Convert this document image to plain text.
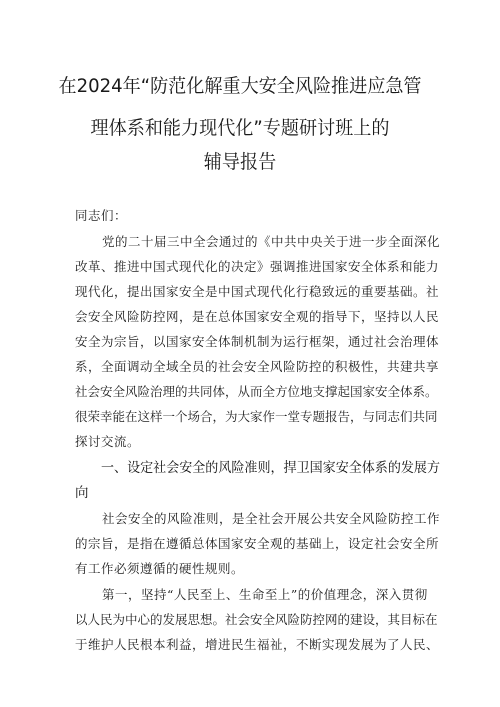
在2024年“防范化解重大安全风险推进应急管
理体系和能力现代化”专题研讨班上的
辅导报告
同志们：
党的二十届三中全会通过的《中共中央关于进一步全面深化
改革、推进中国式现代化的决定》强调推进国家安全体系和能力
现代化，提出国家安全是中国式现代化行稳致远的重要基础。社
会安全风险防控网，是在总体国家安全观的指导下，坚持以人民
安全为宗旨，以国家安全体制机制为运行框架，通过社会治理体
系，全面调动全域全员的社会安全风险防控的积极性，共建共享
社会安全风险治理的共同体，从而全方位地支撑起国家安全体系。
很荣幸能在这样一个场合，为大家作一堂专题报告，与同志们共同
探讨交流。
一、设定社会安全的风险准则，捍卫国家安全体系的发展方
向
社会安全的风险准则，是全社会开展公共安全风险防控工作
的宗旨，是指在遵循总体国家安全观的基础上，设定社会安全所
有工作必须遵循的硬性规则。
第一，坚持“人民至上、生命至上”的价值理念，深入贯彻
以人民为中心的发展思想。社会安全风险防控网的建设，其目标在
于维护人民根本利益，增进民生福祉，不断实现发展为了人民、
